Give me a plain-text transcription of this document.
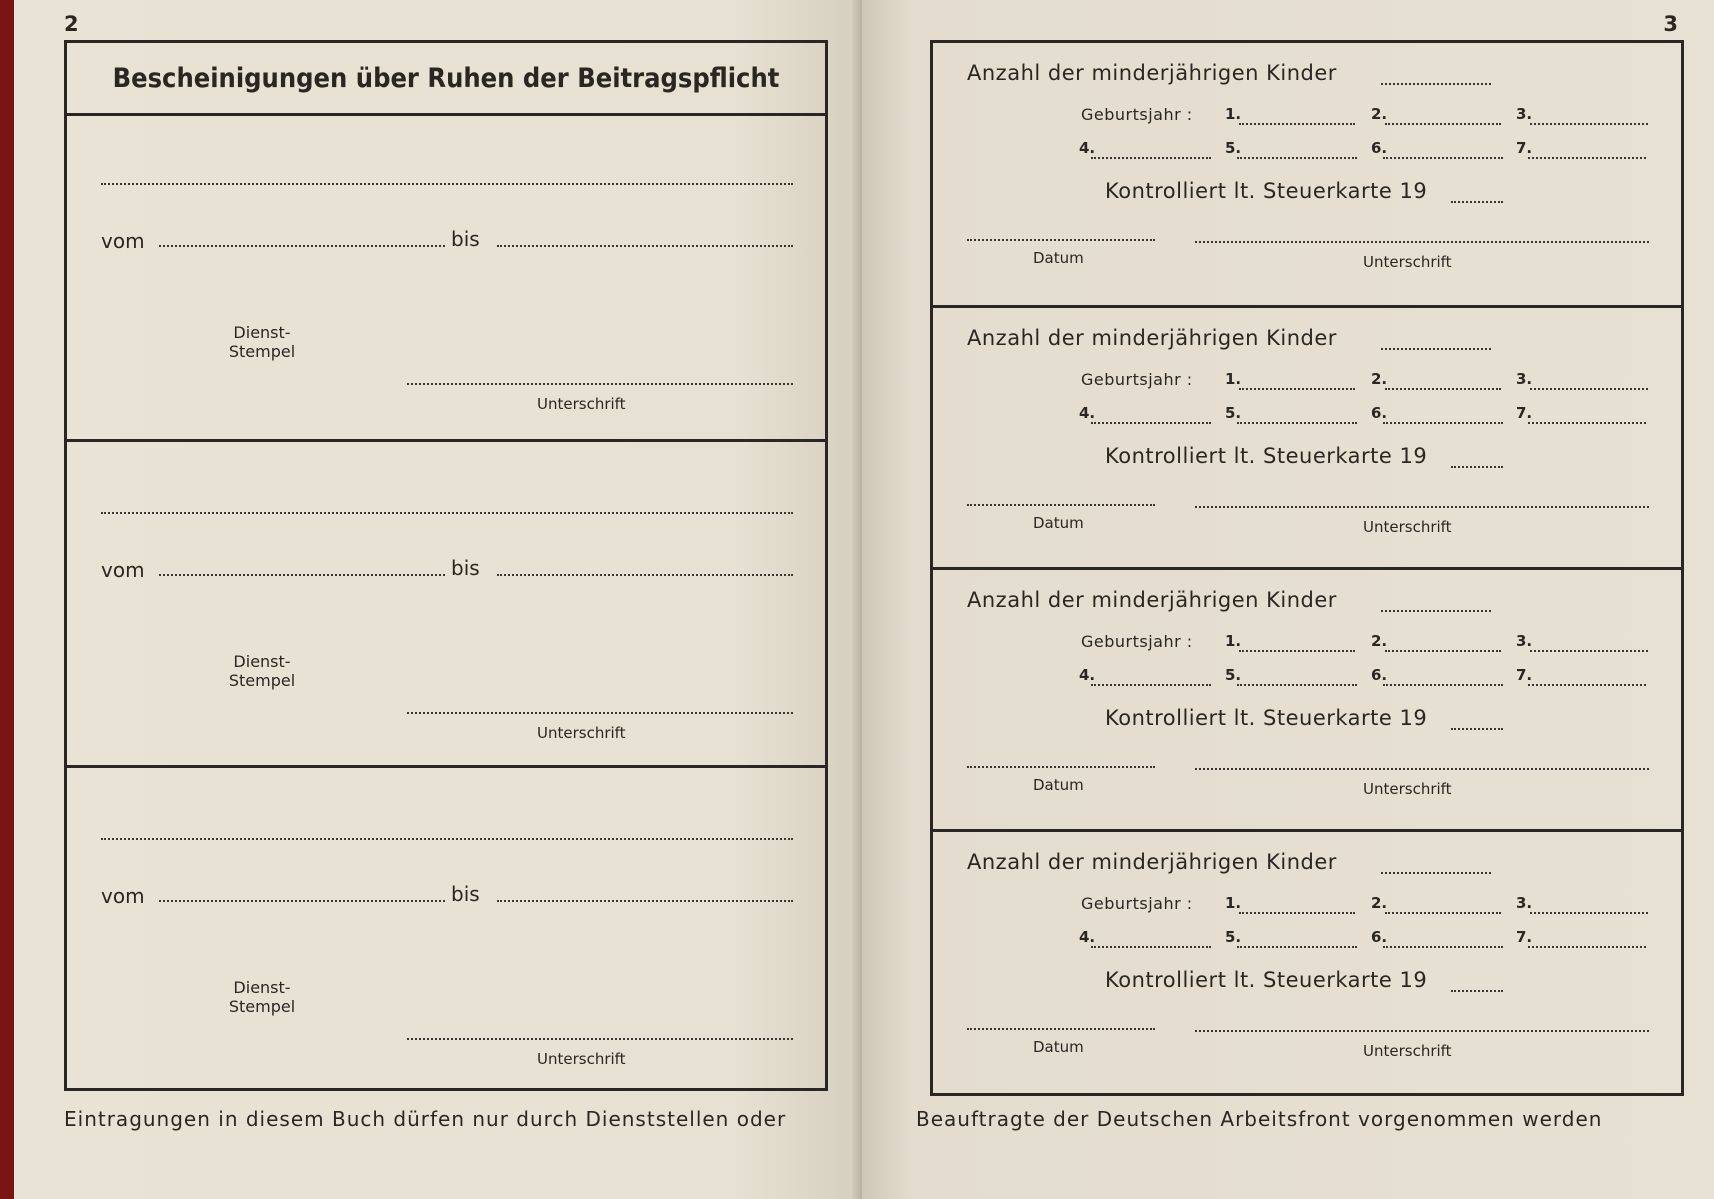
2
Bescheinigungen über Ruhen der Beitragspflicht
vom	bis
Dienst-
Stempel
Unterschrift
vom	bis
Dienst-
Stempel
Unterschrift
vom	bis
Dienst-
Stempel
Unterschrift
Eintragungen in diesem Buch dürfen nur durch Dienststellen oder
3
Anzahl der minderjährigen Kinder
Geburtsjahr : 1.	2.	3.
4.	5.	6.	7.
Kontrolliert lt. Steuerkarte 19
Datum	Unterschrift
Anzahl der minderjährigen Kinder
Geburtsjahr : 1.	2.	3.
4.	5.	6.	7.
Kontrolliert lt. Steuerkarte 19
Datum	Unterschrift
Anzahl der minderjährigen Kinder
Geburtsjahr : 1.	2.	3.
4.	5.	6.	7.
Kontrolliert lt. Steuerkarte 19
Datum	Unterschrift
Anzahl der minderjährigen Kinder
Geburtsjahr : 1.	2.	3.
4.	5.	6.	7.
Kontrolliert lt. Steuerkarte 19
Datum	Unterschrift
Beauftragte der Deutschen Arbeitsfront vorgenommen werden
